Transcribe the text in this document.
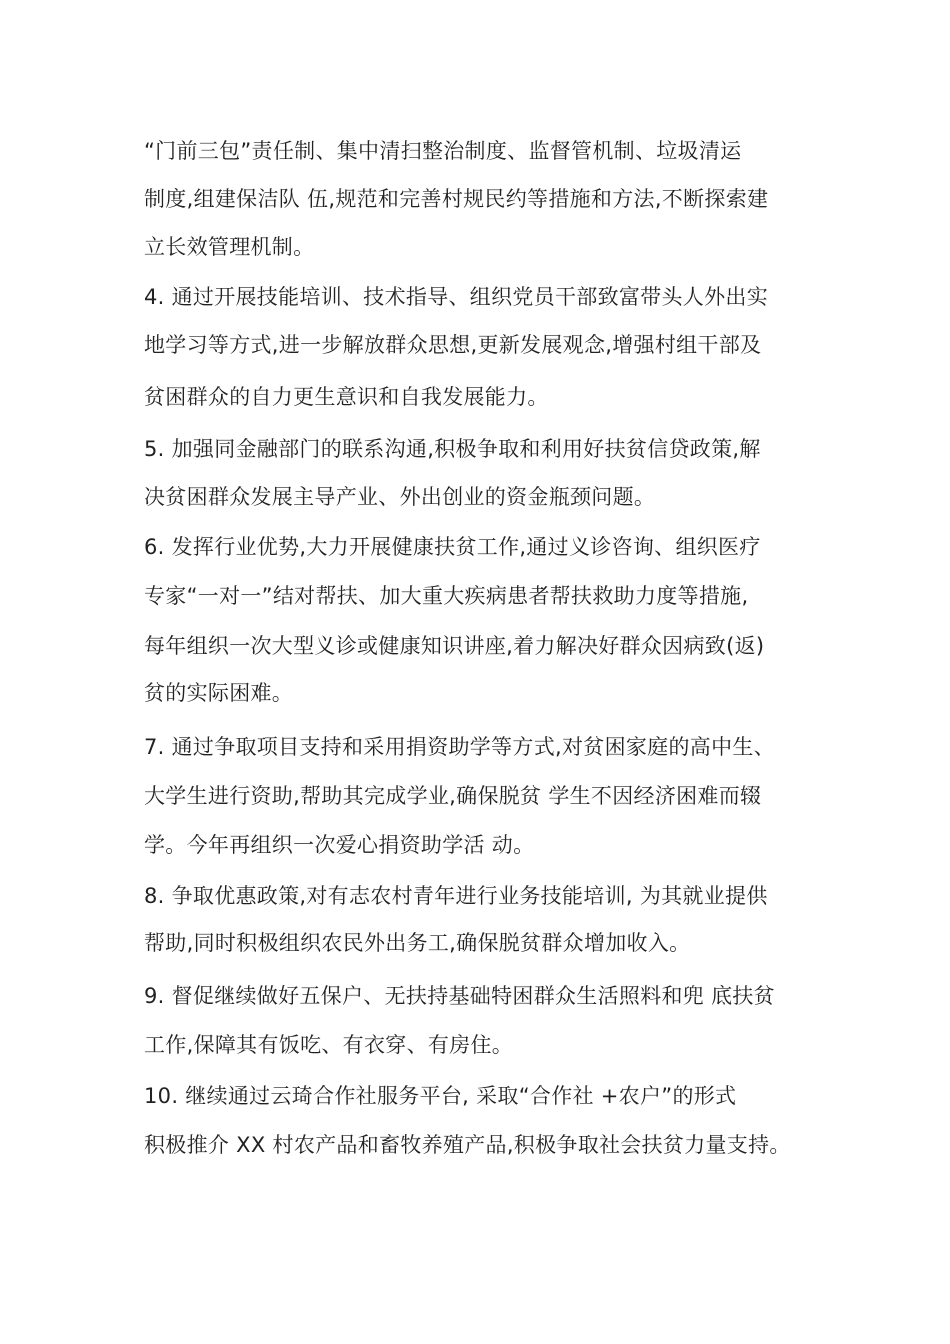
“门前三包”责任制、集中清扫整治制度、监督管机制、垃圾清运
制度,组建保洁队 伍,规范和完善村规民约等措施和方法,不断探索建
立长效管理机制。
4. 通过开展技能培训、技术指导、组织党员干部致富带头人外出实
地学习等方式,进一步解放群众思想,更新发展观念,增强村组干部及
贫困群众的自力更生意识和自我发展能力。
5. 加强同金融部门的联系沟通,积极争取和利用好扶贫信贷政策,解
决贫困群众发展主导产业、外出创业的资金瓶颈问题。
6. 发挥行业优势,大力开展健康扶贫工作,通过义诊咨询、组织医疗
专家“一对一”结对帮扶、加大重大疾病患者帮扶救助力度等措施,
每年组织一次大型义诊或健康知识讲座,着力解决好群众因病致(返)
贫的实际困难。
7. 通过争取项目支持和采用捐资助学等方式,对贫困家庭的高中生、
大学生进行资助,帮助其完成学业,确保脱贫 学生不因经济困难而辍
学。今年再组织一次爱心捐资助学活 动。
8. 争取优惠政策,对有志农村青年进行业务技能培训, 为其就业提供
帮助,同时积极组织农民外出务工,确保脱贫群众增加收入。
9. 督促继续做好五保户、无扶持基础特困群众生活照料和兜 底扶贫
工作,保障其有饭吃、有衣穿、有房住。
10. 继续通过云琦合作社服务平台, 采取“合作社 +农户”的形式
积极推介 XX 村农产品和畜牧养殖产品,积极争取社会扶贫力量支持。
